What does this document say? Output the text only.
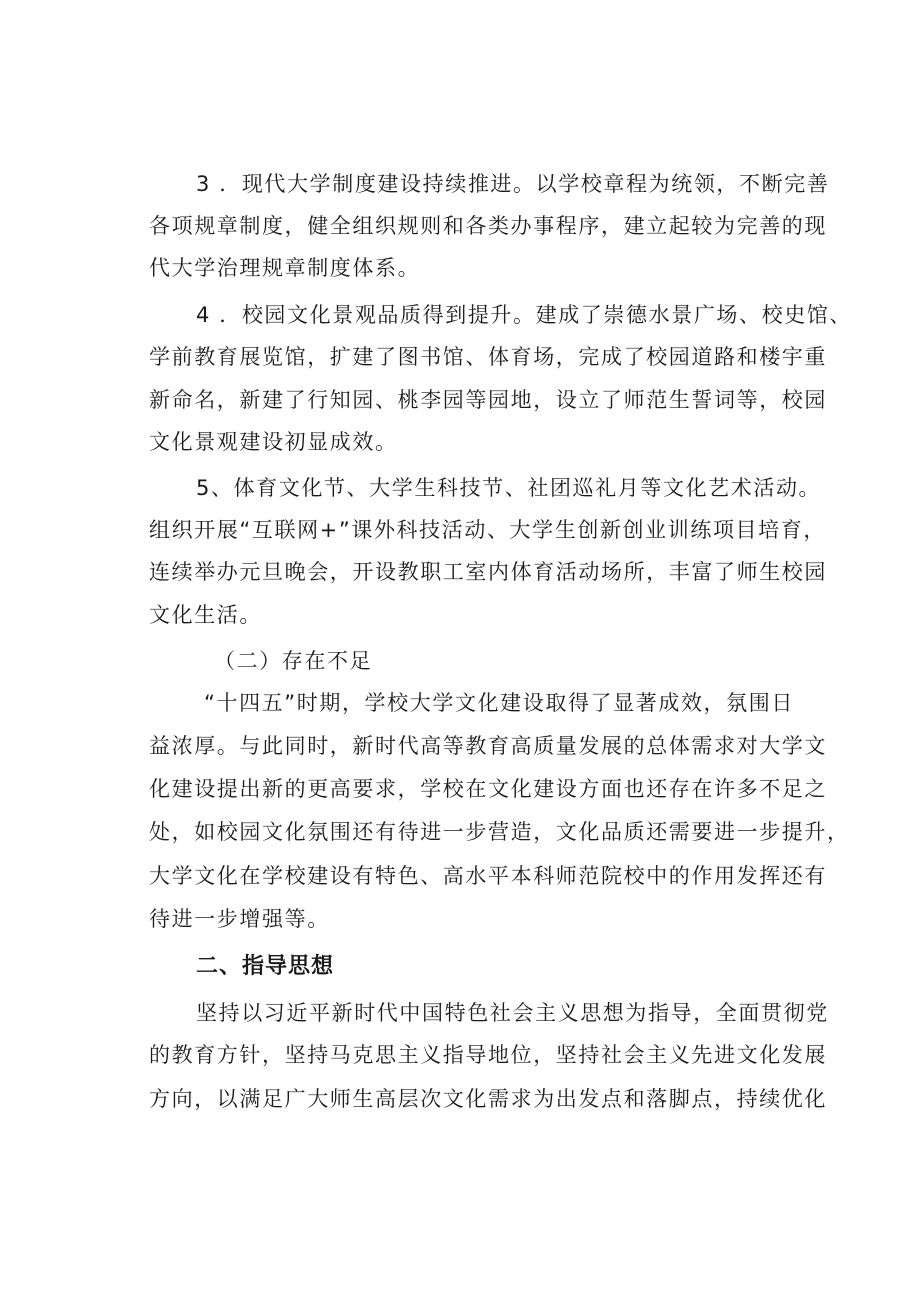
3 ．现代大学制度建设持续推进。以学校章程为统领，不断完善
各项规章制度，健全组织规则和各类办事程序，建立起较为完善的现
代大学治理规章制度体系。
4 ．校园文化景观品质得到提升。建成了崇德水景广场、校史馆、
学前教育展览馆，扩建了图书馆、体育场，完成了校园道路和楼宇重
新命名，新建了行知园、桃李园等园地，设立了师范生誓词等，校园
文化景观建设初显成效。
5、体育文化节、大学生科技节、社团巡礼月等文化艺术活动。
组织开展“互联网+”课外科技活动、大学生创新创业训练项目培育，
连续举办元旦晚会，开设教职工室内体育活动场所，丰富了师生校园
文化生活。
（二）存在不足
“十四五”时期，学校大学文化建设取得了显著成效，氛围日
益浓厚。与此同时，新时代高等教育高质量发展的总体需求对大学文
化建设提出新的更高要求，学校在文化建设方面也还存在许多不足之
处，如校园文化氛围还有待进一步营造，文化品质还需要进一步提升，
大学文化在学校建设有特色、高水平本科师范院校中的作用发挥还有
待进一步增强等。
二、指导思想
坚持以习近平新时代中国特色社会主义思想为指导，全面贯彻党
的教育方针，坚持马克思主义指导地位，坚持社会主义先进文化发展
方向，以满足广大师生高层次文化需求为出发点和落脚点，持续优化
